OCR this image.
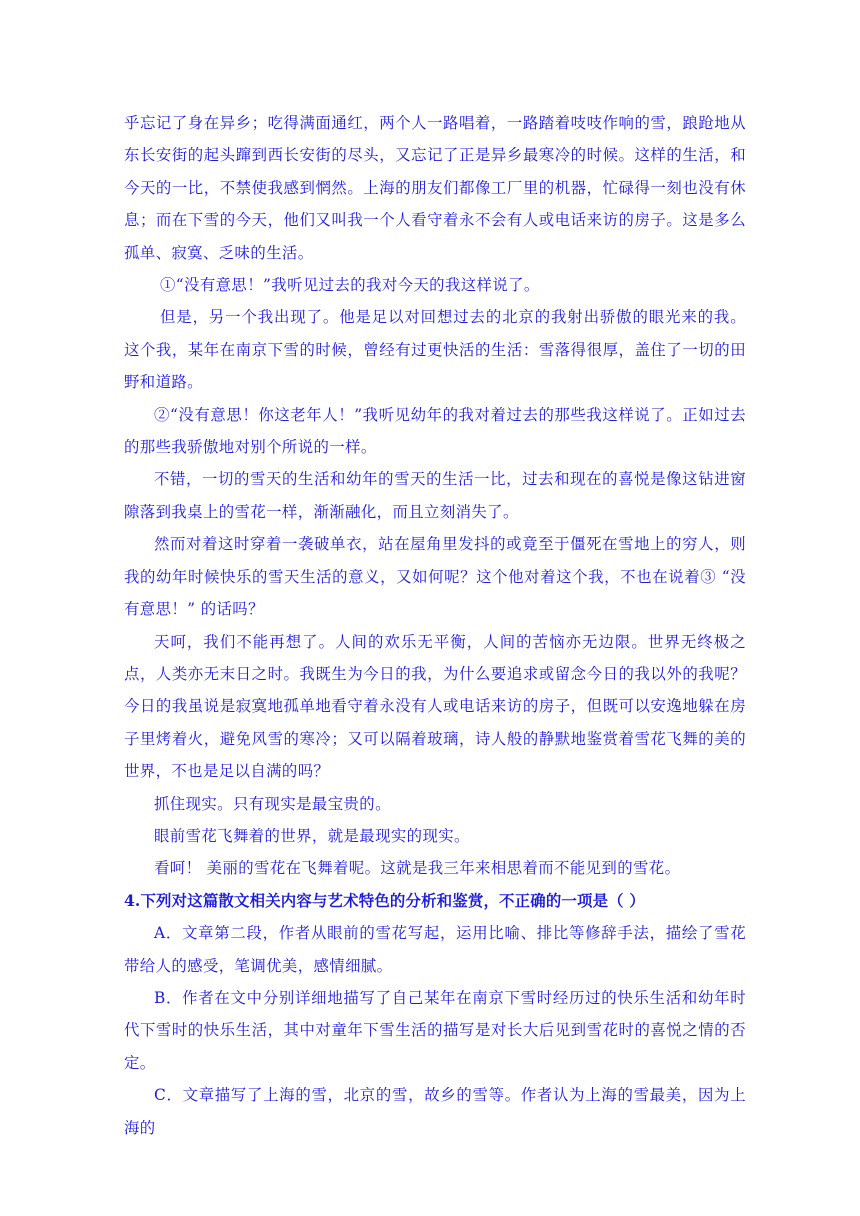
乎忘记了身在异乡；吃得满面通红，两个人一路唱着，一路踏着吱吱作响的雪，踉跄地从东长安街的起头蹿到西长安街的尽头，又忘记了正是异乡最寒冷的时候。这样的生活，和今天的一比，不禁使我感到惘然。上海的朋友们都像工厂里的机器，忙碌得一刻也没有休息；而在下雪的今天，他们又叫我一个人看守着永不会有人或电话来访的房子。这是多么孤单、寂寞、乏味的生活。

①“没有意思！”我听见过去的我对今天的我这样说了。

但是，另一个我出现了。他是足以对回想过去的北京的我射出骄傲的眼光来的我。 这个我，某年在南京下雪的时候，曾经有过更快活的生活：雪落得很厚，盖住了一切的田野和道路。

②“没有意思！你这老年人！”我听见幼年的我对着过去的那些我这样说了。正如过去的那些我骄傲地对别个所说的一样。

不错，一切的雪天的生活和幼年的雪天的生活一比，过去和现在的喜悦是像这钻进窗隙落到我桌上的雪花一样，渐渐融化，而且立刻消失了。

然而对着这时穿着一袭破单衣，站在屋角里发抖的或竟至于僵死在雪地上的穷人，则我的幼年时候快乐的雪天生活的意义，又如何呢？这个他对着这个我，不也在说着③ “没有意思！” 的话吗？

天呵，我们不能再想了。人间的欢乐无平衡，人间的苦恼亦无边限。世界无终极之点，人类亦无末日之时。我既生为今日的我，为什么要追求或留念今日的我以外的我呢？今日的我虽说是寂寞地孤单地看守着永没有人或电话来访的房子，但既可以安逸地躲在房子里烤着火，避免风雪的寒冷；又可以隔着玻璃，诗人般的静默地鉴赏着雪花飞舞的美的世界，不也是足以自满的吗？

抓住现实。只有现实是最宝贵的。

眼前雪花飞舞着的世界，就是最现实的现实。

看呵！ 美丽的雪花在飞舞着呢。这就是我三年来相思着而不能见到的雪花。

4.下列对这篇散文相关内容与艺术特色的分析和鉴赏，不正确的一项是（ ）

A．文章第二段，作者从眼前的雪花写起，运用比喻、排比等修辞手法，描绘了雪花带给人的感受，笔调优美，感情细腻。

B．作者在文中分别详细地描写了自己某年在南京下雪时经历过的快乐生活和幼年时代下雪时的快乐生活，其中对童年下雪生活的描写是对长大后见到雪花时的喜悦之情的否定。

C．文章描写了上海的雪，北京的雪，故乡的雪等。作者认为上海的雪最美，因为上海的
